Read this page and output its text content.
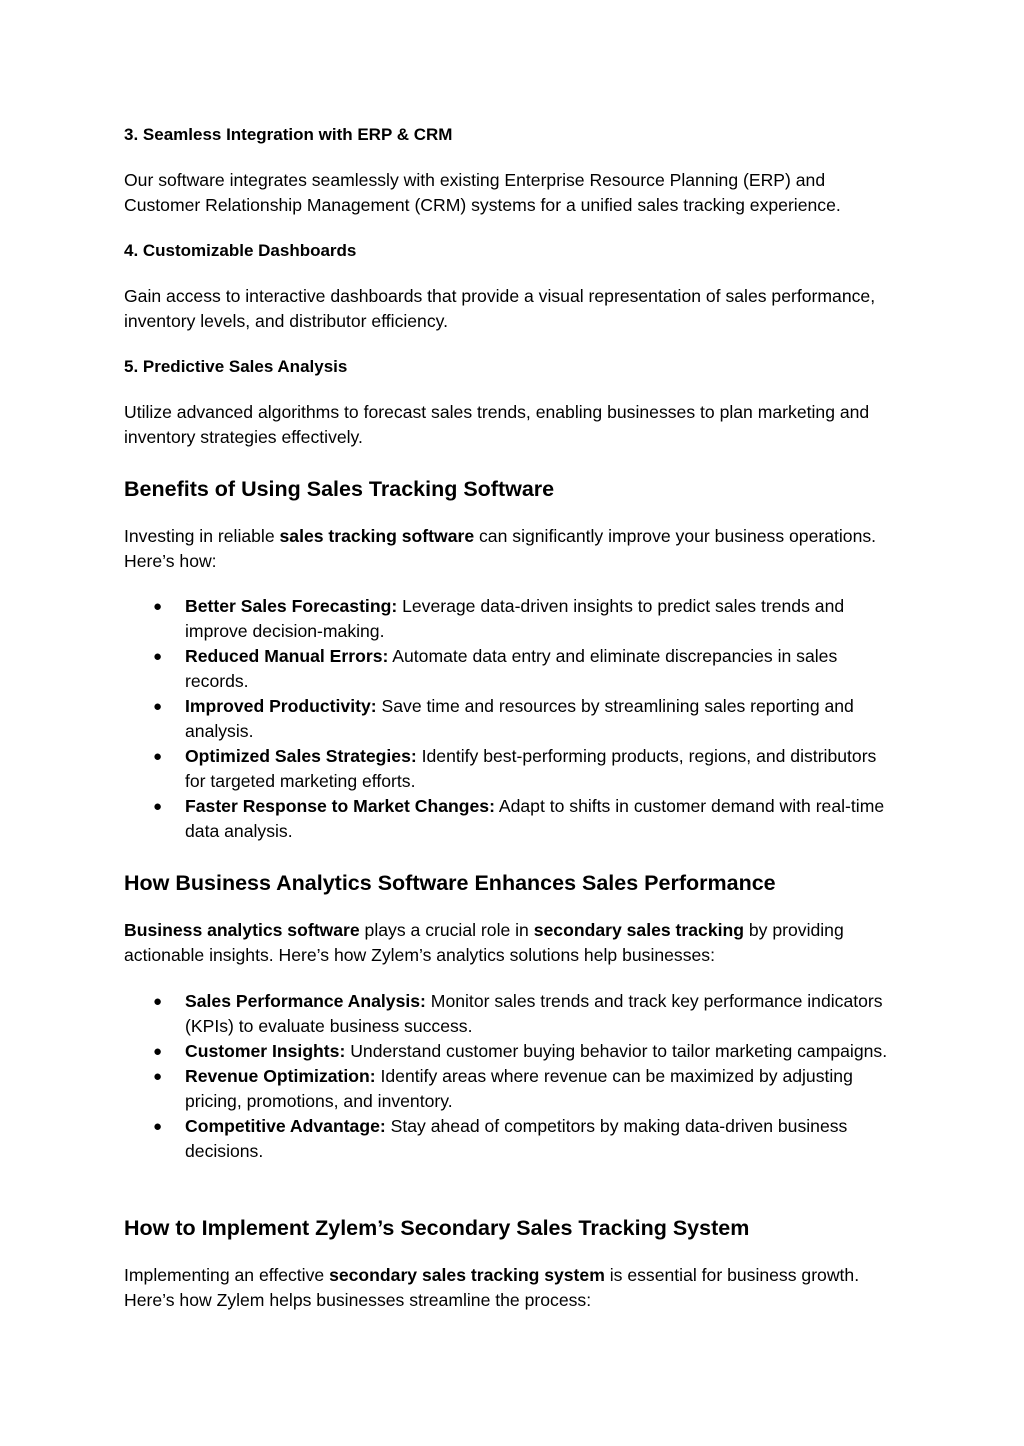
3. Seamless Integration with ERP & CRM
Our software integrates seamlessly with existing Enterprise Resource Planning (ERP) and Customer Relationship Management (CRM) systems for a unified sales tracking experience.
4. Customizable Dashboards
Gain access to interactive dashboards that provide a visual representation of sales performance, inventory levels, and distributor efficiency.
5. Predictive Sales Analysis
Utilize advanced algorithms to forecast sales trends, enabling businesses to plan marketing and inventory strategies effectively.
Benefits of Using Sales Tracking Software
Investing in reliable sales tracking software can significantly improve your business operations. Here’s how:
● Better Sales Forecasting: Leverage data-driven insights to predict sales trends and improve decision-making.
● Reduced Manual Errors: Automate data entry and eliminate discrepancies in sales records.
● Improved Productivity: Save time and resources by streamlining sales reporting and analysis.
● Optimized Sales Strategies: Identify best-performing products, regions, and distributors for targeted marketing efforts.
● Faster Response to Market Changes: Adapt to shifts in customer demand with real-time data analysis.
How Business Analytics Software Enhances Sales Performance
Business analytics software plays a crucial role in secondary sales tracking by providing actionable insights. Here’s how Zylem’s analytics solutions help businesses:
● Sales Performance Analysis: Monitor sales trends and track key performance indicators (KPIs) to evaluate business success.
● Customer Insights: Understand customer buying behavior to tailor marketing campaigns.
● Revenue Optimization: Identify areas where revenue can be maximized by adjusting pricing, promotions, and inventory.
● Competitive Advantage: Stay ahead of competitors by making data-driven business decisions.
How to Implement Zylem’s Secondary Sales Tracking System
Implementing an effective secondary sales tracking system is essential for business growth. Here’s how Zylem helps businesses streamline the process:
